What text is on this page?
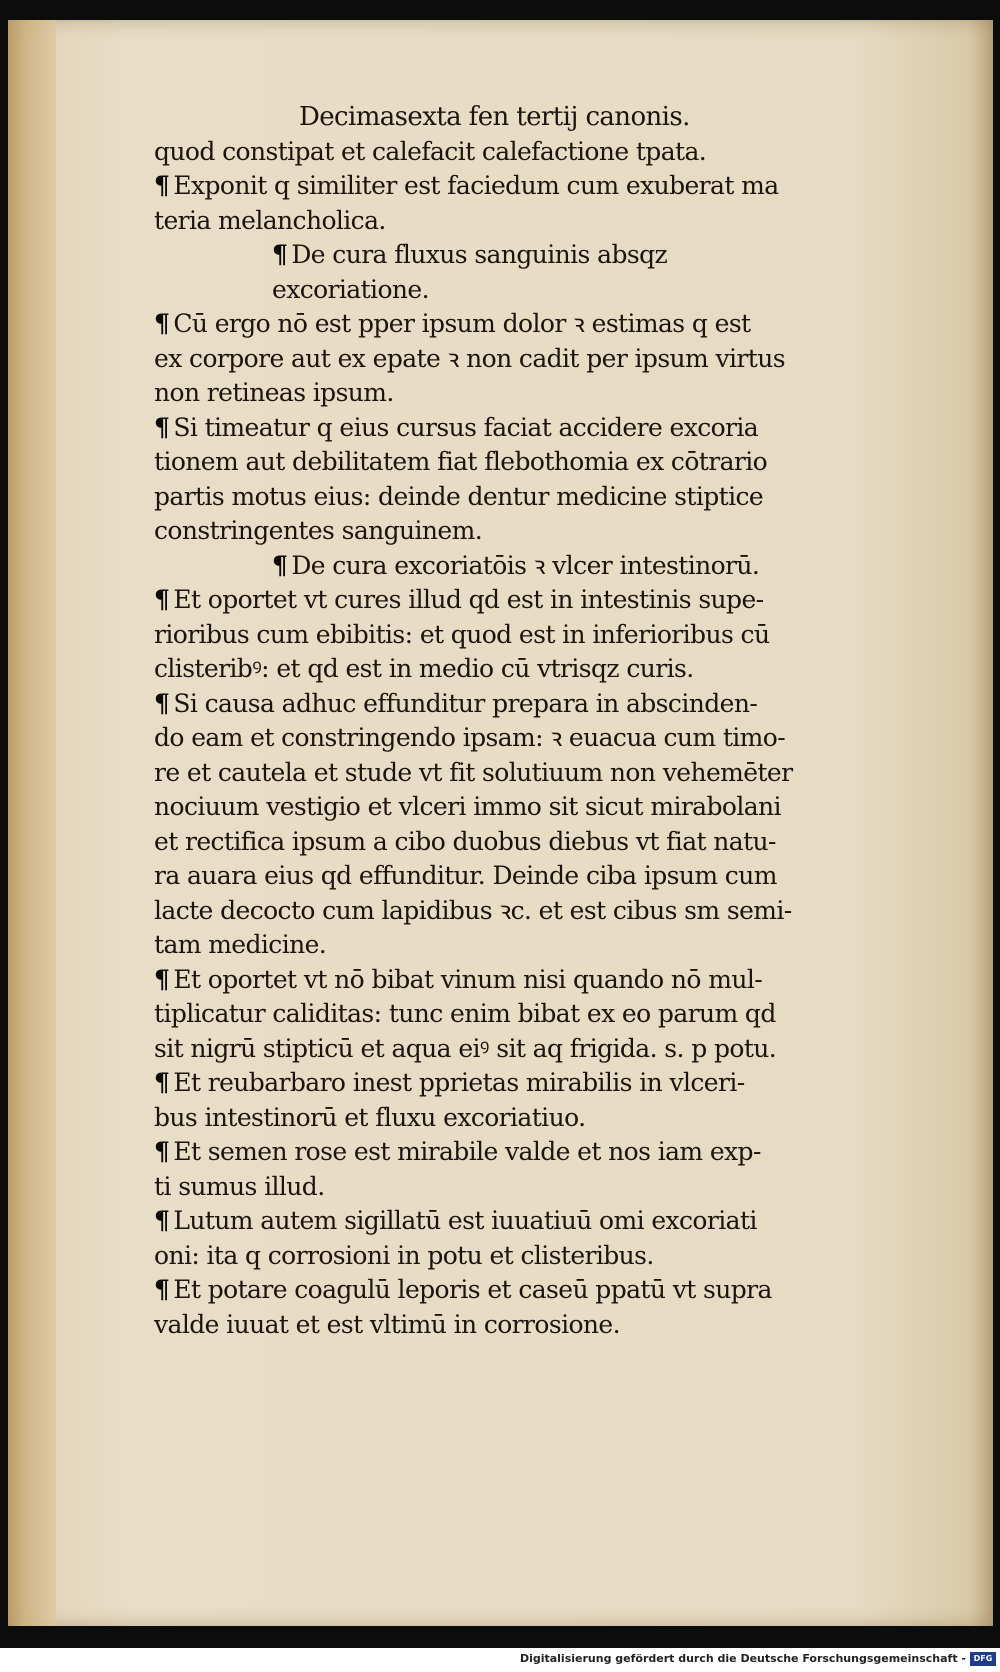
Decimasexta fen tertij canonis.
quod constipat et calefacit calefactione tpata.
¶ Exponit q similiter est faciedum cum exuberat ma
teria melancholica.
¶ De cura fluxus sanguinis absqz
excoriatione.
¶ Cū ergo nō est pper ipsum dolor ꝛ estimas q est
ex corpore aut ex epate ꝛ non cadit per ipsum virtus
non retineas ipsum.
¶ Si timeatur q eius cursus faciat accidere excoria
tionem aut debilitatem fiat flebothomia ex cōtrario
partis motus eius: deinde dentur medicine stiptice
constringentes sanguinem.
¶ De cura excoriatōis ꝛ vlcer intestinorū.
¶ Et oportet vt cures illud qd est in intestinis supe-
rioribus cum ebibitis: et quod est in inferioribus cū
clisteribꝰ: et qd est in medio cū vtrisqz curis.
¶ Si causa adhuc effunditur prepara in abscinden-
do eam et constringendo ipsam: ꝛ euacua cum timo-
re et cautela et stude vt fit solutiuum non vehemēter
nociuum vestigio et vlceri immo sit sicut mirabolani
et rectifica ipsum a cibo duobus diebus vt fiat natu-
ra auara eius qd effunditur. Deinde ciba ipsum cum
lacte decocto cum lapidibus ꝛc. et est cibus sm semi-
tam medicine.
¶ Et oportet vt nō bibat vinum nisi quando nō mul-
tiplicatur caliditas: tunc enim bibat ex eo parum qd
sit nigrū stipticū et aqua eiꝰ sit aq frigida. s. p potu.
¶ Et reubarbaro inest pprietas mirabilis in vlceri-
bus intestinorū et fluxu excoriatiuo.
¶ Et semen rose est mirabile valde et nos iam exp-
ti sumus illud.
¶ Lutum autem sigillatū est iuuatiuū omi excoriati
oni: ita q corrosioni in potu et clisteribus.
¶ Et potare coagulū leporis et caseū ppatū vt supra
valde iuuat et est vltimū in corrosione.
Digitalisierung gefördert durch die Deutsche Forschungsgemeinschaft - DFG
